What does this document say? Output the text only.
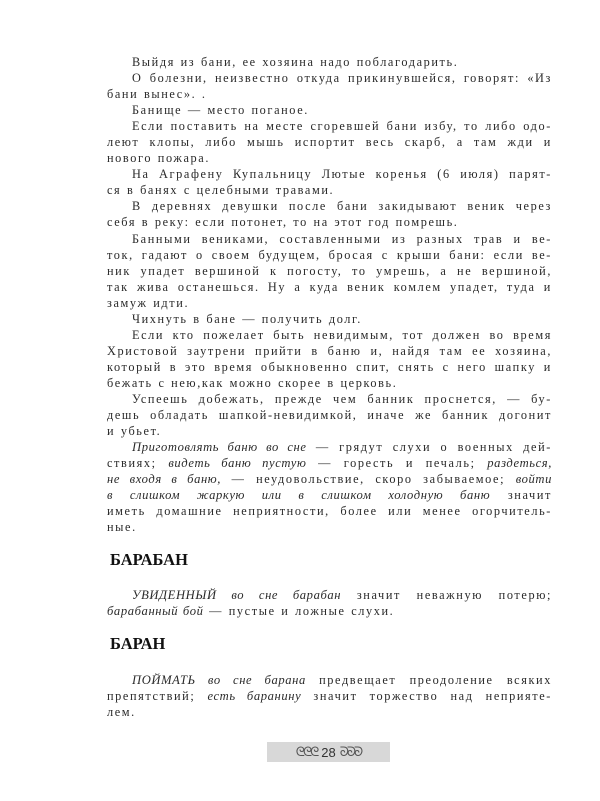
Выйдя из бани, ее хозяина надо поблагодарить.
О болезни, неизвестно откуда прикинувшейся, говорят: «Из
бани вынес». .
Банище — место поганое.
Если поставить на месте сгоревшей бани избу, то либо одо-
леют клопы, либо мышь испортит весь скарб, а там жди и
нового пожара.
На Аграфену Купальницу Лютые коренья (6 июля) парят-
ся в банях с целебными травами.
В деревнях девушки после бани закидывают веник через
себя в реку: если потонет, то на этот год помрешь.
Банными вениками, составленными из разных трав и ве-
ток, гадают о своем будущем, бросая с крыши бани: если ве-
ник упадет вершиной к погосту, то умрешь, а не вершиной,
так жива останешься. Ну а куда веник комлем упадет, туда и
замуж идти.
Чихнуть в бане — получить долг.
Если кто пожелает быть невидимым, тот должен во время
Христовой заутрени прийти в баню и, найдя там ее хозяина,
который в это время обыкновенно спит, снять с него шапку и
бежать с нею,как можно скорее в церковь.
Успеешь добежать, прежде чем банник проснется, — бу-
дешь обладать шапкой-невидимкой, иначе же банник догонит
и убьет.
Приготовлять баню во сне — грядут слухи о военных дей-
ствиях; видеть баню пустую — горесть и печаль; раздеться,
не входя в баню, — неудовольствие, скоро забываемое; войти
в слишком жаркую или в слишком холодную баню значит
иметь домашние неприятности, более или менее огорчитель-
ные.
БАРАБАН
УВИДЕННЫЙ во сне барабан значит неважную потерю;
барабанный бой — пустые и ложные слухи.
БАРАН
ПОЙМАТЬ во сне барана предвещает преодоление всяких
препятствий; есть баранину значит торжество над неприяте-
лем.
ᘓᘓᘓ 28 ᘐᘐᘐ
